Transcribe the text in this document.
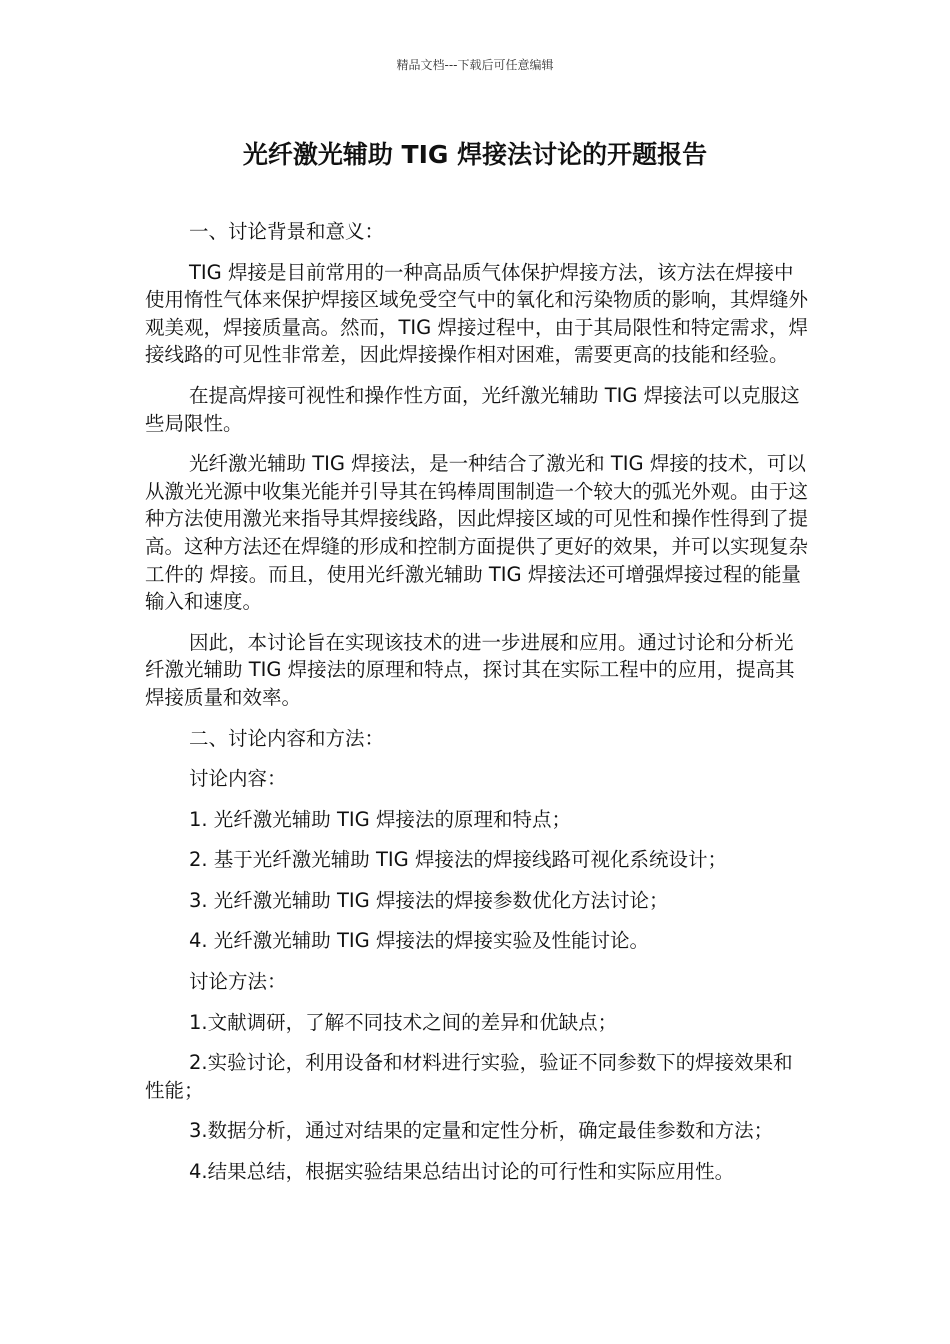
精品文档---下载后可任意编辑
光纤激光辅助 TIG 焊接法讨论的开题报告

一、讨论背景和意义：

TIG 焊接是目前常用的一种高品质气体保护焊接方法，该方法在焊接中使用惰性气体来保护焊接区域免受空气中的氧化和污染物质的影响，其焊缝外观美观，焊接质量高。然而，TIG 焊接过程中，由于其局限性和特定需求，焊接线路的可见性非常差，因此焊接操作相对困难，需要更高的技能和经验。

在提高焊接可视性和操作性方面，光纤激光辅助 TIG 焊接法可以克服这些局限性。

光纤激光辅助 TIG 焊接法，是一种结合了激光和 TIG 焊接的技术，可以从激光光源中收集光能并引导其在钨棒周围制造一个较大的弧光外观。由于这种方法使用激光来指导其焊接线路，因此焊接区域的可见性和操作性得到了提高。这种方法还在焊缝的形成和控制方面提供了更好的效果，并可以实现复杂工件的 焊接。而且，使用光纤激光辅助 TIG 焊接法还可增强焊接过程的能量输入和速度。

因此，本讨论旨在实现该技术的进一步进展和应用。通过讨论和分析光纤激光辅助 TIG 焊接法的原理和特点，探讨其在实际工程中的应用，提高其焊接质量和效率。

二、讨论内容和方法：

讨论内容：

1. 光纤激光辅助 TIG 焊接法的原理和特点；

2. 基于光纤激光辅助 TIG 焊接法的焊接线路可视化系统设计；

3. 光纤激光辅助 TIG 焊接法的焊接参数优化方法讨论；

4. 光纤激光辅助 TIG 焊接法的焊接实验及性能讨论。

讨论方法：

1.文献调研，了解不同技术之间的差异和优缺点；

2.实验讨论，利用设备和材料进行实验，验证不同参数下的焊接效果和性能；

3.数据分析，通过对结果的定量和定性分析，确定最佳参数和方法；

4.结果总结，根据实验结果总结出讨论的可行性和实际应用性。
